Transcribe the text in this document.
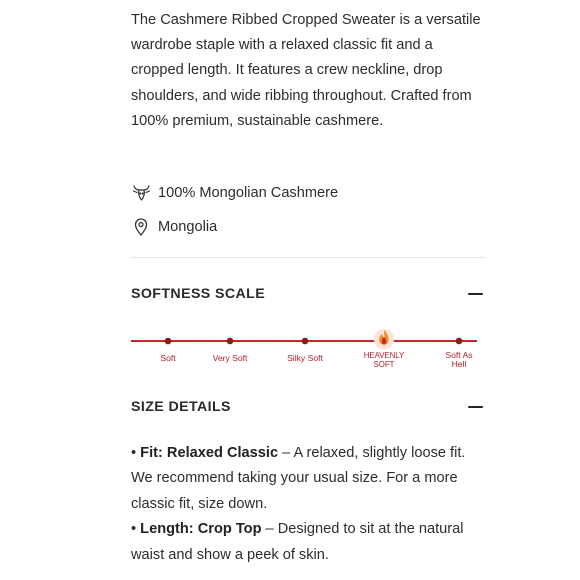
The Cashmere Ribbed Cropped Sweater is a versatile wardrobe staple with a relaxed classic fit and a cropped length. It features a crew neckline, drop shoulders, and wide ribbing throughout. Crafted from 100% premium, sustainable cashmere.
100% Mongolian Cashmere
Mongolia
SOFTNESS SCALE
Soft	Very Soft	Silky Soft	HEAVENLY
SOFT
Soft As
Hell
SIZE DETAILS

• Fit: Relaxed Classic – A relaxed, slightly loose fit. We recommend taking your usual size. For a more classic fit, size down.

• Length: Crop Top – Designed to sit at the natural waist and show a peek of skin.
